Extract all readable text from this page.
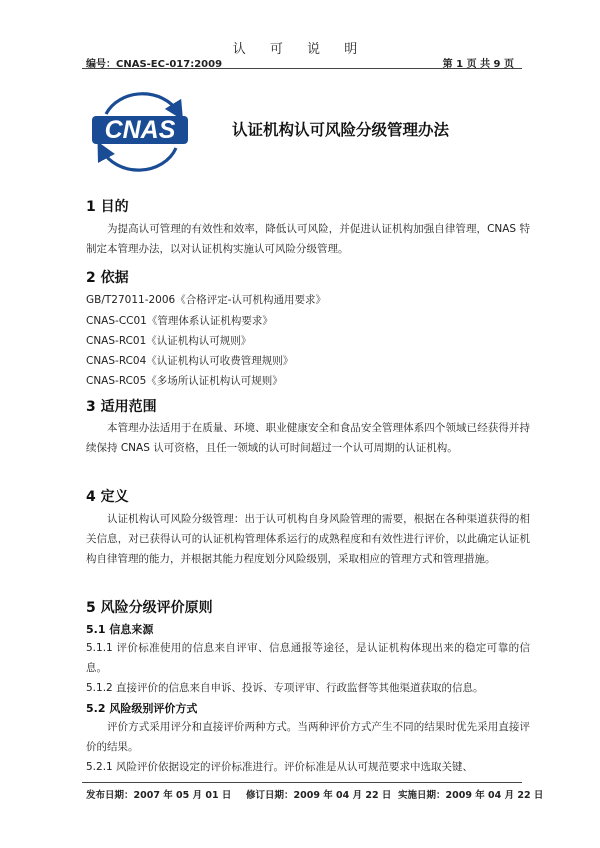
认 可 说 明
编号：CNAS-EC-017:2009	第 1 页 共 9 页
CNAS	认证机构认可风险分级管理办法
1 目的
为提高认可管理的有效性和效率，降低认可风险，并促进认证机构加强自律管理，CNAS 特制定本管理办法，以对认证机构实施认可风险分级管理。
2 依据
GB/T27011-2006《合格评定-认可机构通用要求》
CNAS-CC01《管理体系认证机构要求》
CNAS-RC01《认证机构认可规则》
CNAS-RC04《认证机构认可收费管理规则》
CNAS-RC05《多场所认证机构认可规则》
3 适用范围
本管理办法适用于在质量、环境、职业健康安全和食品安全管理体系四个领域已经获得并持续保持 CNAS 认可资格，且任一领域的认可时间超过一个认可周期的认证机构。
4 定义
认证机构认可风险分级管理：出于认可机构自身风险管理的需要，根据在各种渠道获得的相关信息，对已获得认可的认证机构管理体系运行的成熟程度和有效性进行评价，以此确定认证机构自律管理的能力，并根据其能力程度划分风险级别，采取相应的管理方式和管理措施。
5 风险分级评价原则
5.1 信息来源
5.1.1 评价标准使用的信息来自评审、信息通报等途径，是认证机构体现出来的稳定可靠的信息。
5.1.2 直接评价的信息来自申诉、投诉、专项评审、行政监督等其他渠道获取的信息。
5.2 风险级别评价方式
评价方式采用评分和直接评价两种方式。当两种评价方式产生不同的结果时优先采用直接评价的结果。
5.2.1 风险评价依据设定的评价标准进行。评价标准是从认可规范要求中选取关键、
发布日期：2007 年 05 月 01 日 修订日期：2009 年 04 月 22 日 实施日期：2009 年 04 月 22 日
